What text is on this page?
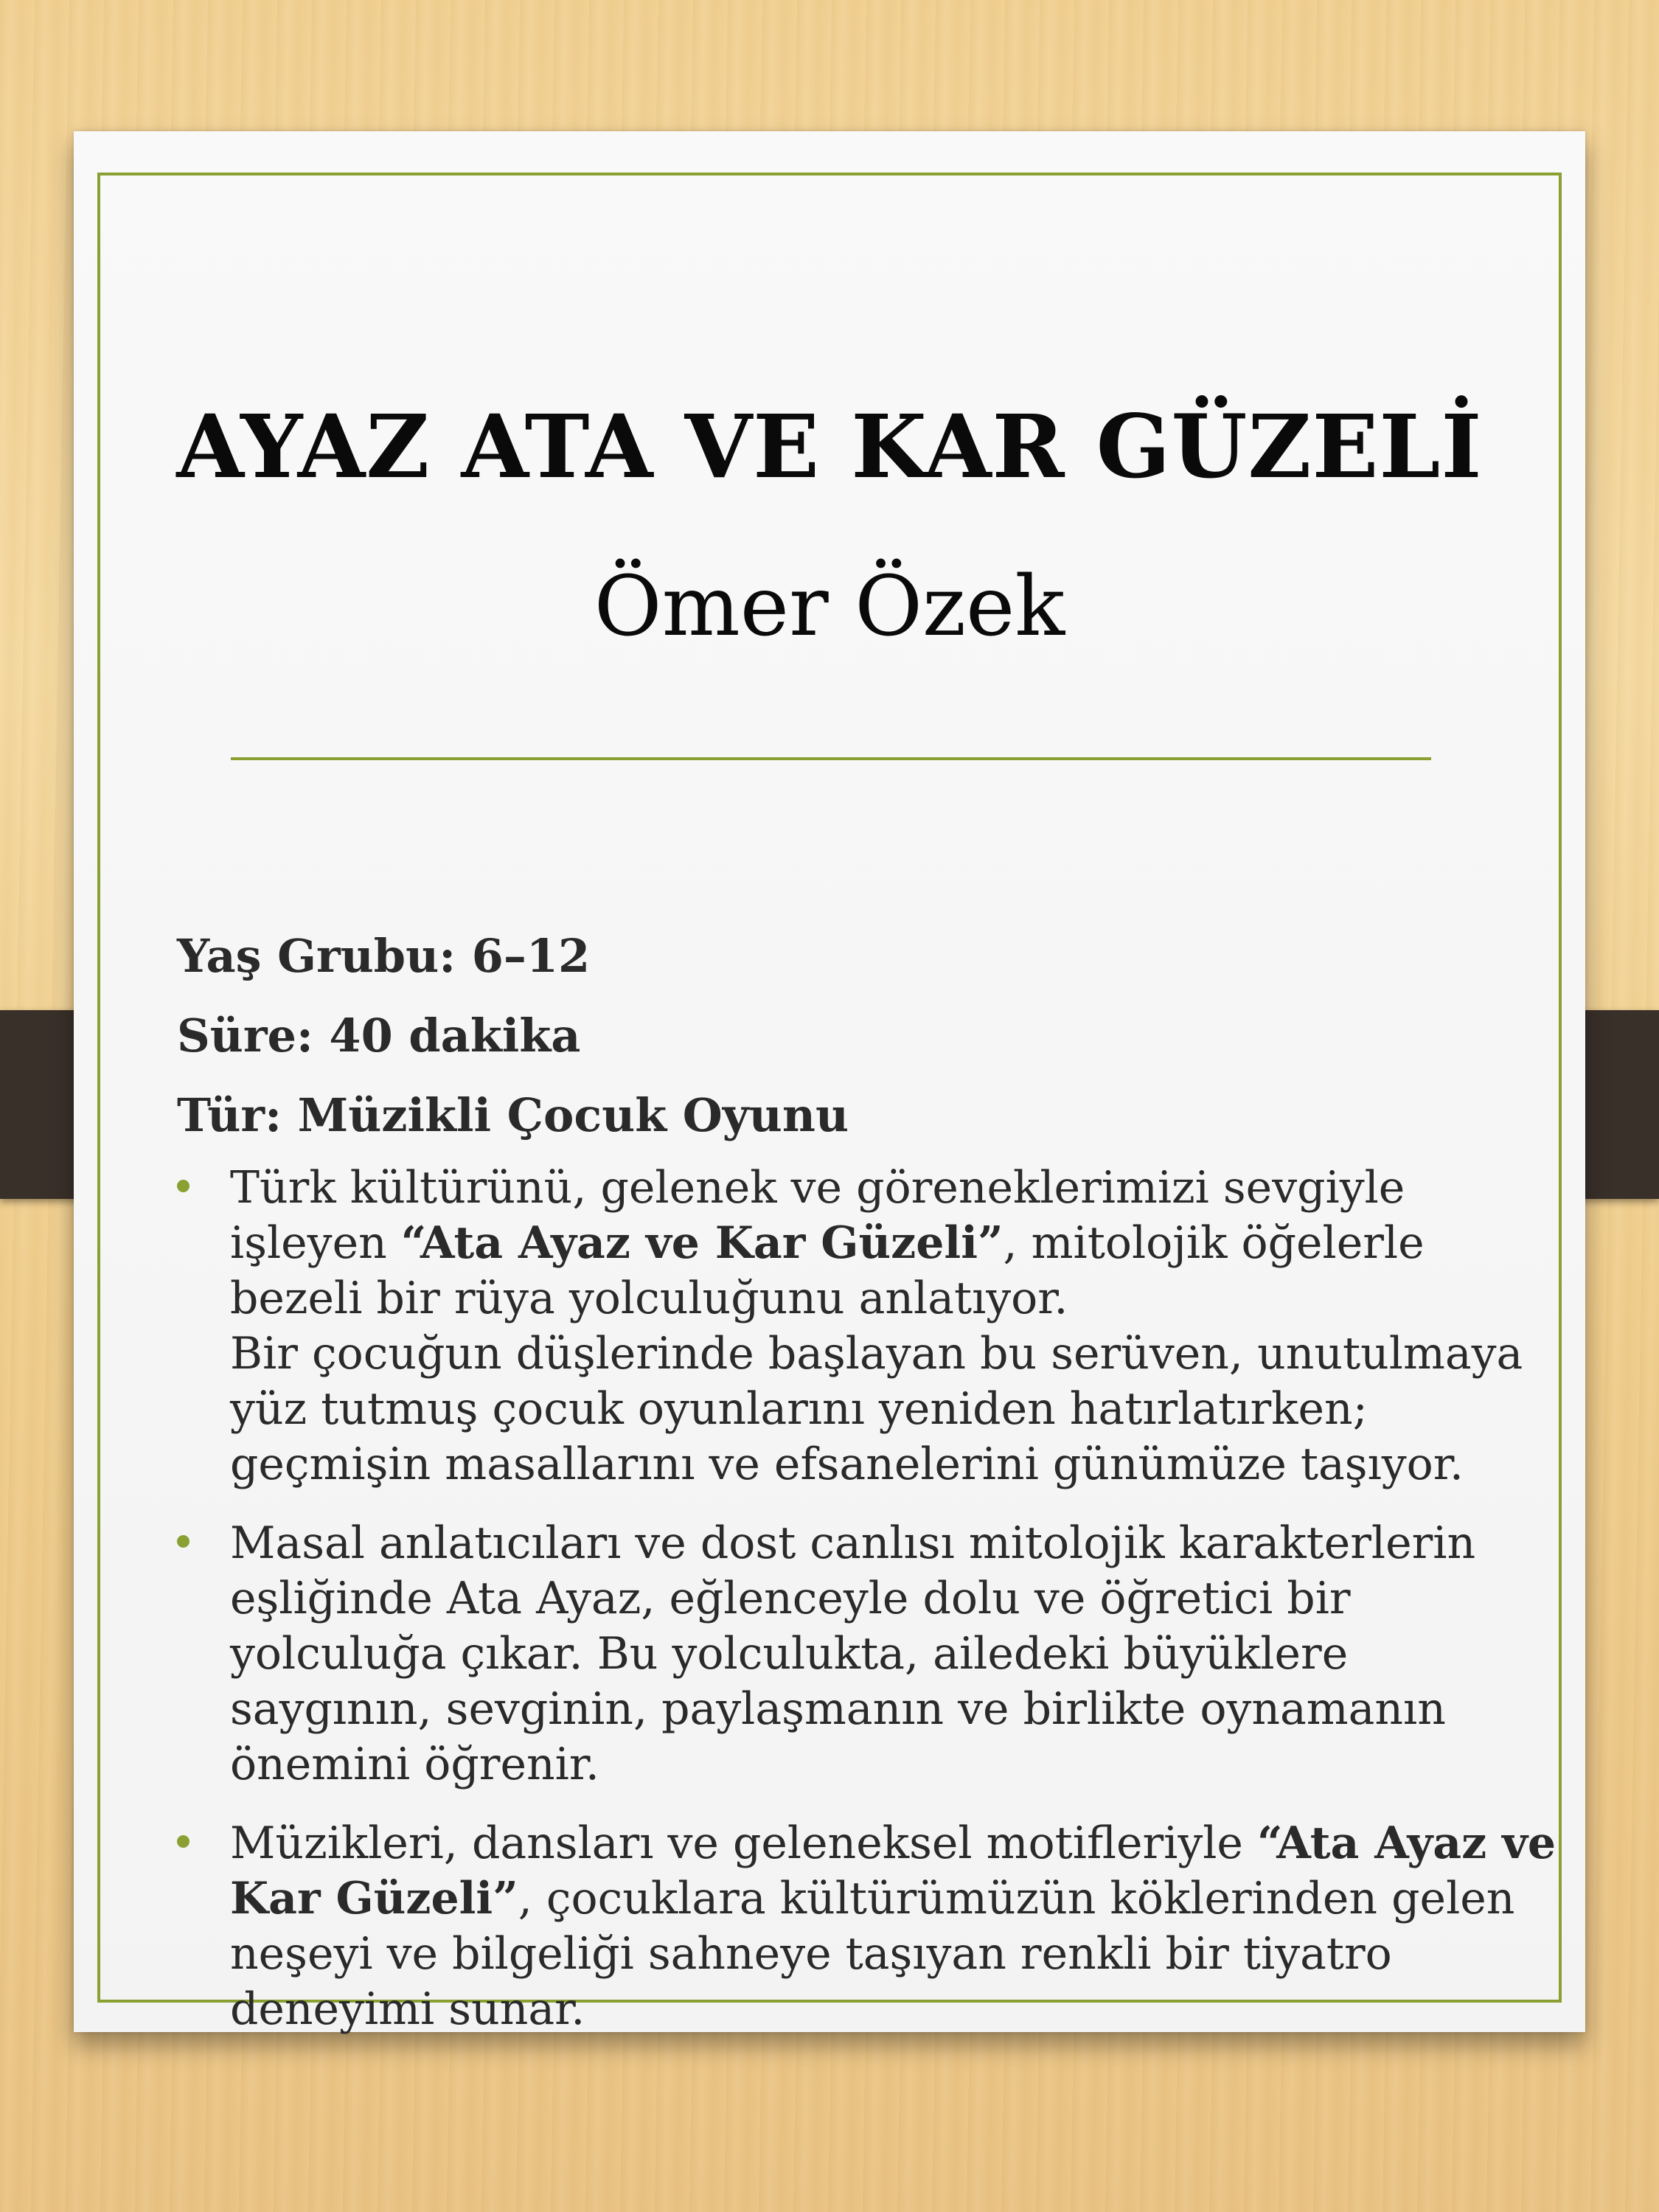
AYAZ ATA VE KAR GÜZELİ
Ömer Özek

Yaş Grubu: 6–12

Süre: 40 dakika

Tür: Müzikli Çocuk Oyunu

Türk kültürünü, gelenek ve göreneklerimizi sevgiyle işleyen “Ata Ayaz ve Kar Güzeli”, mitolojik öğelerle bezeli bir rüya yolculuğunu anlatıyor.
Bir çocuğun düşlerinde başlayan bu serüven, unutulmaya yüz tutmuş çocuk oyunlarını yeniden hatırlatırken; geçmişin masallarını ve efsanelerini günümüze taşıyor.
Masal anlatıcıları ve dost canlısı mitolojik karakterlerin eşliğinde Ata Ayaz, eğlenceyle dolu ve öğretici bir yolculuğa çıkar. Bu yolculukta, ailedeki büyüklere saygının, sevginin, paylaşmanın ve birlikte oynamanın önemini öğrenir.
Müzikleri, dansları ve geleneksel motifleriyle “Ata Ayaz ve Kar Güzeli”, çocuklara kültürümüzün köklerinden gelen neşeyi ve bilgeliği sahneye taşıyan renkli bir tiyatro deneyimi sunar.
